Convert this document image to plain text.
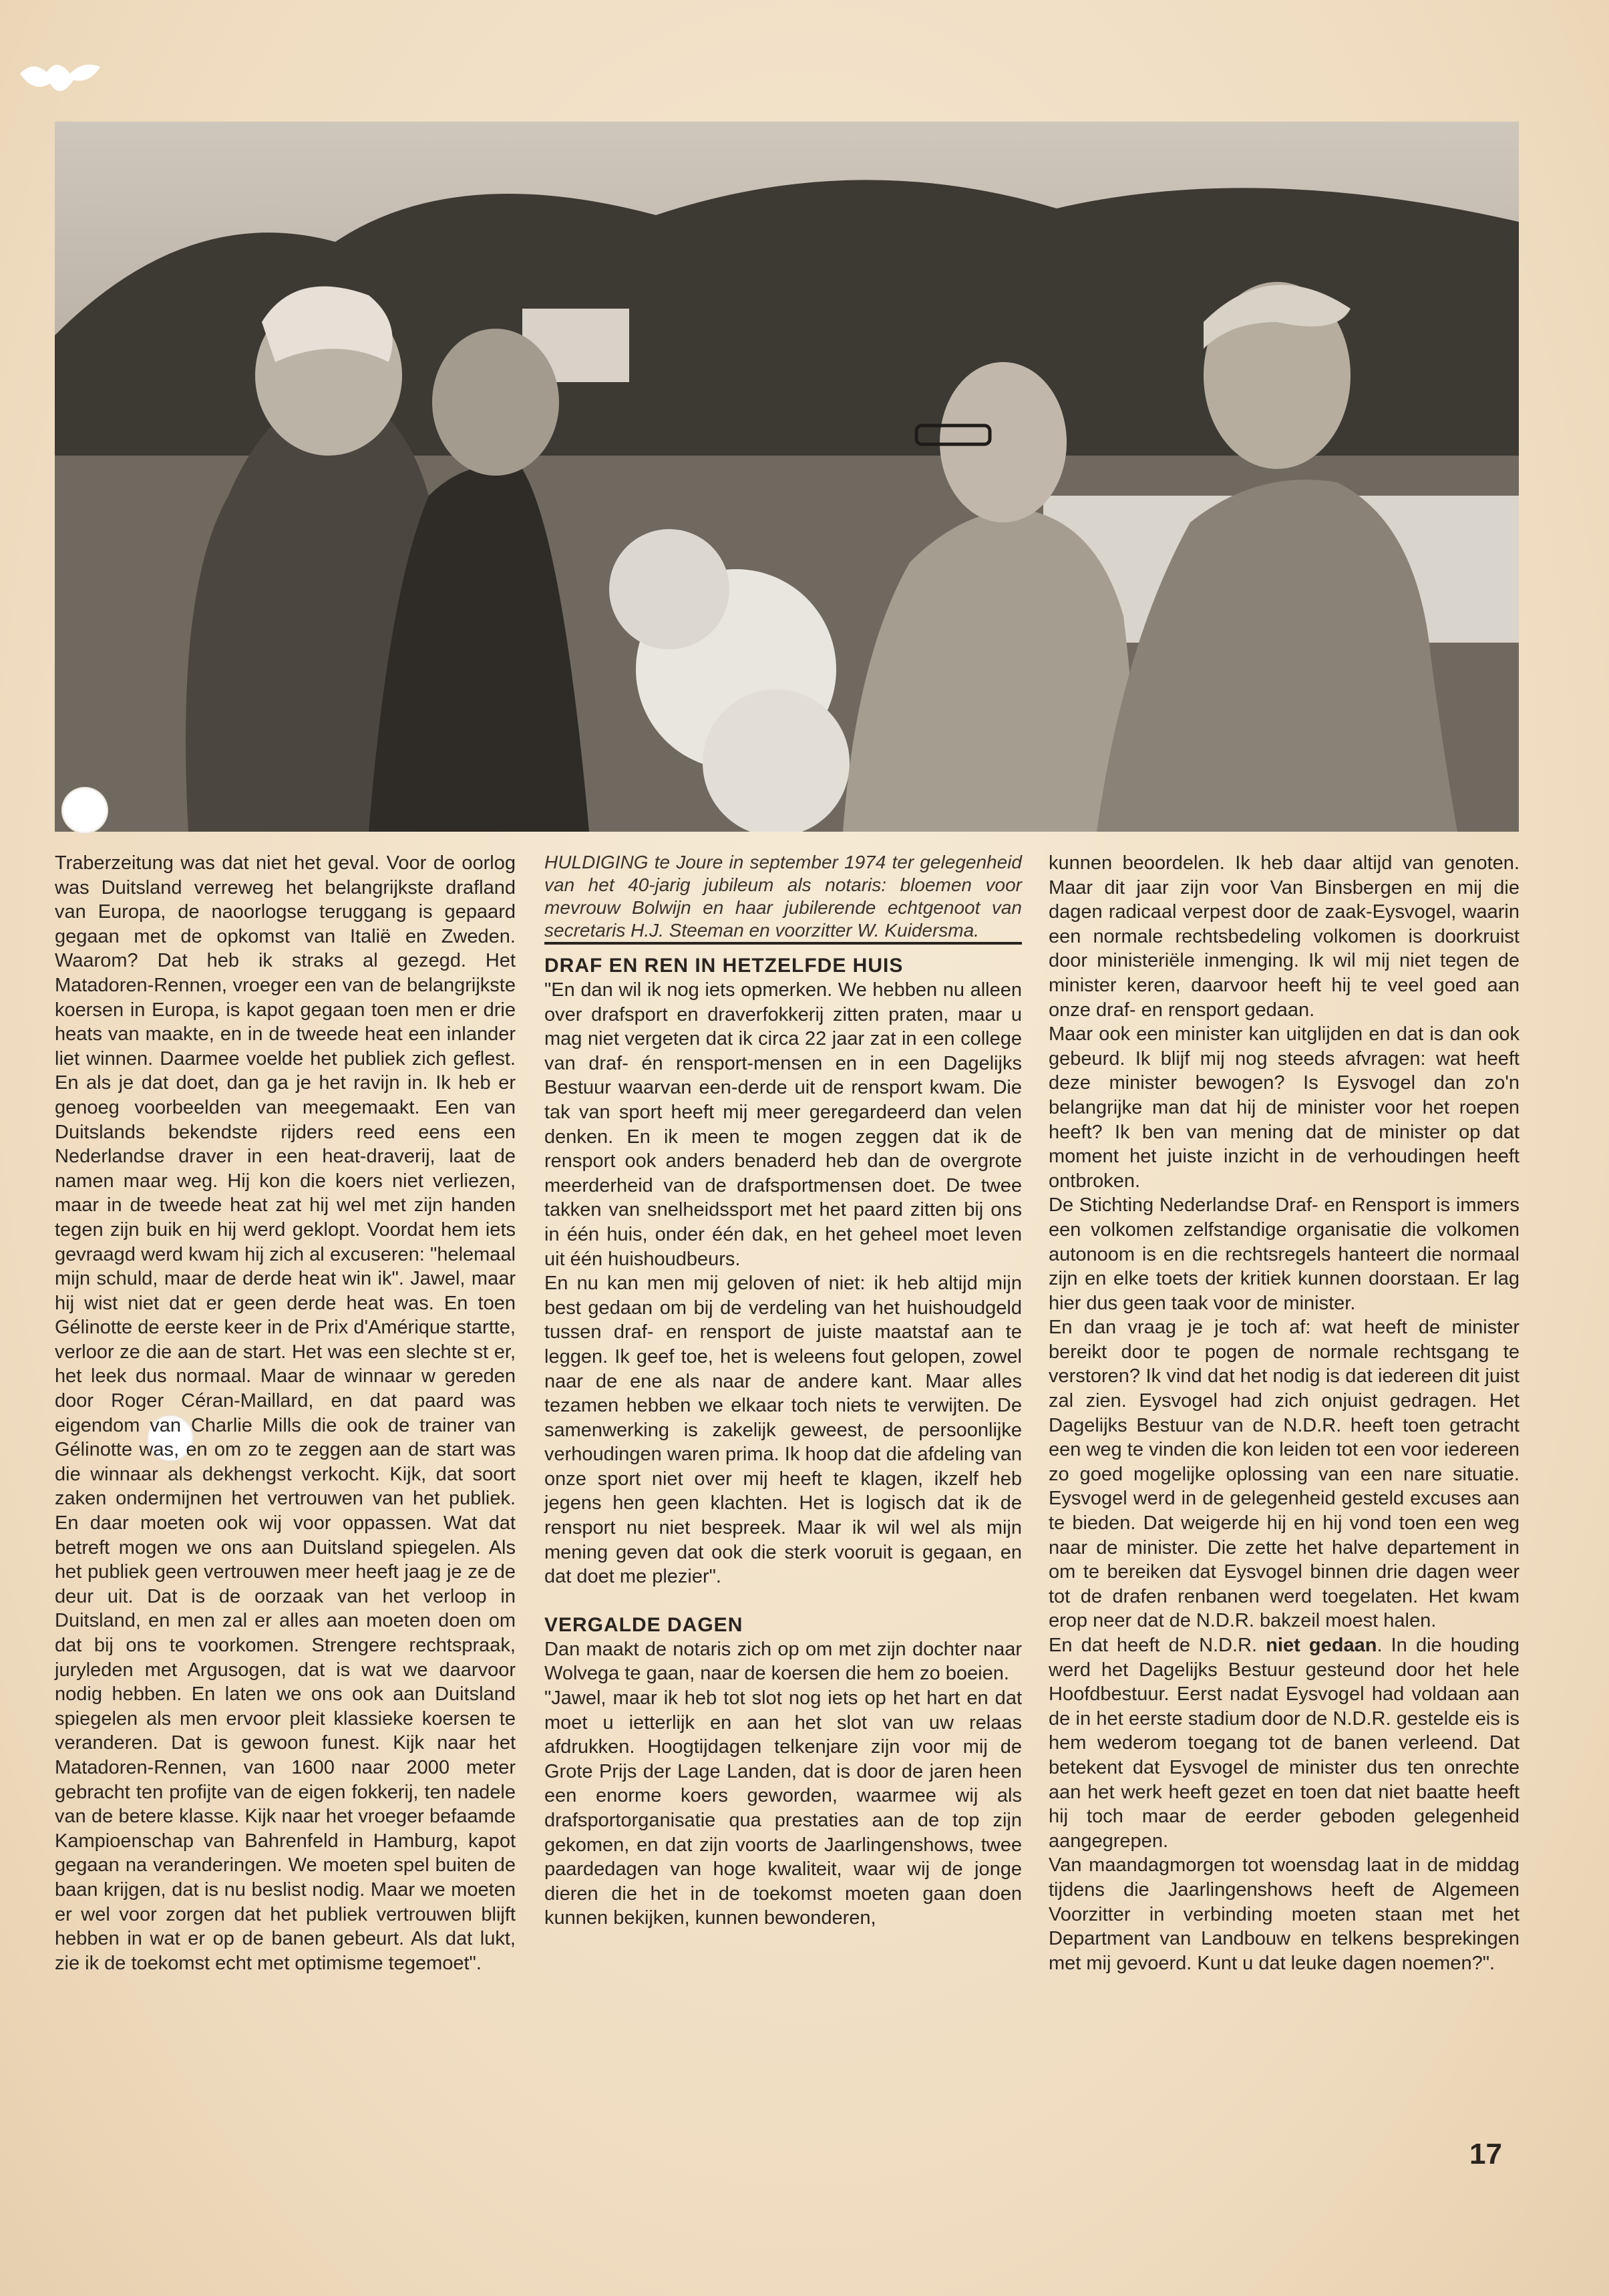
Traberzeitung was dat niet het geval. Voor de oorlog was Duitsland verreweg het belangrijkste drafland van Europa, de naoorlogse teruggang is gepaard gegaan met de opkomst van Italië en Zweden. Waarom? Dat heb ik straks al gezegd. Het Matadoren-Rennen, vroeger een van de belangrijkste koersen in Europa, is kapot gegaan toen men er drie heats van maakte, en in de tweede heat een inlander liet winnen. Daarmee voelde het publiek zich geflest. En als je dat doet, dan ga je het ravijn in. Ik heb er genoeg voorbeelden van meegemaakt. Een van Duitslands bekendste rijders reed eens een Nederlandse draver in een heat-draverij, laat de namen maar weg. Hij kon die koers niet verliezen, maar in de tweede heat zat hij wel met zijn handen tegen zijn buik en hij werd geklopt. Voordat hem iets gevraagd werd kwam hij zich al excuseren: "helemaal mijn schuld, maar de derde heat win ik". Jawel, maar hij wist niet dat er geen derde heat was. En toen Gélinotte de eerste keer in de Prix d'Amérique startte, verloor ze die aan de start. Het was een slechte st er, het leek dus normaal. Maar de winnaar w gereden door Roger Céran-Maillard, en dat paard was eigendom van Charlie Mills die ook de trainer van Gélinotte was, en om zo te zeggen aan de start was die winnaar als dekhengst verkocht. Kijk, dat soort zaken ondermijnen het vertrouwen van het publiek. En daar moeten ook wij voor oppassen. Wat dat betreft mogen we ons aan Duitsland spiegelen. Als het publiek geen vertrouwen meer heeft jaag je ze de deur uit. Dat is de oorzaak van het verloop in Duitsland, en men zal er alles aan moeten doen om dat bij ons te voorkomen. Strengere rechtspraak, juryleden met Argusogen, dat is wat we daarvoor nodig hebben. En laten we ons ook aan Duitsland spiegelen als men ervoor pleit klassieke koersen te veranderen. Dat is gewoon funest. Kijk naar het Matadoren-Rennen, van 1600 naar 2000 meter gebracht ten profijte van de eigen fokkerij, ten nadele van de betere klasse. Kijk naar het vroeger befaamde Kampioenschap van Bahrenfeld in Hamburg, kapot gegaan na veranderingen. We moeten spel buiten de baan krijgen, dat is nu beslist nodig. Maar we moeten er wel voor zorgen dat het publiek vertrouwen blijft hebben in wat er op de banen gebeurt. Als dat lukt, zie ik de toekomst echt met optimisme tegemoet".

HULDIGING te Joure in september 1974 ter gelegenheid van het 40-jarig jubileum als notaris: bloemen voor mevrouw Bolwijn en haar jubilerende echtgenoot van secretaris H.J. Steeman en voorzitter W. Kuidersma.

DRAF EN REN IN HETZELFDE HUIS

"En dan wil ik nog iets opmerken. We hebben nu alleen over drafsport en draverfokkerij zitten praten, maar u mag niet vergeten dat ik circa 22 jaar zat in een college van draf- én rensport-mensen en in een Dagelijks Bestuur waarvan een-derde uit de rensport kwam. Die tak van sport heeft mij meer geregardeerd dan velen denken. En ik meen te mogen zeggen dat ik de rensport ook anders benaderd heb dan de overgrote meerderheid van de drafsportmensen doet. De twee takken van snelheidssport met het paard zitten bij ons in één huis, onder één dak, en het geheel moet leven uit één huishoudbeurs.

En nu kan men mij geloven of niet: ik heb altijd mijn best gedaan om bij de verdeling van het huishoudgeld tussen draf- en rensport de juiste maatstaf aan te leggen. Ik geef toe, het is weleens fout gelopen, zowel naar de ene als naar de andere kant. Maar alles tezamen hebben we elkaar toch niets te verwijten. De samenwerking is zakelijk geweest, de persoonlijke verhoudingen waren prima. Ik hoop dat die afdeling van onze sport niet over mij heeft te klagen, ikzelf heb jegens hen geen klachten. Het is logisch dat ik de rensport nu niet bespreek. Maar ik wil wel als mijn mening geven dat ook die sterk vooruit is gegaan, en dat doet me plezier".

VERGALDE DAGEN

Dan maakt de notaris zich op om met zijn dochter naar Wolvega te gaan, naar de koersen die hem zo boeien.

"Jawel, maar ik heb tot slot nog iets op het hart en dat moet u ietterlijk en aan het slot van uw relaas afdrukken. Hoogtijdagen telkenjare zijn voor mij de Grote Prijs der Lage Landen, dat is door de jaren heen een enorme koers geworden, waarmee wij als drafsportorganisatie qua prestaties aan de top zijn gekomen, en dat zijn voorts de Jaarlingenshows, twee paardedagen van hoge kwaliteit, waar wij de jonge dieren die het in de toekomst moeten gaan doen kunnen bekijken, kunnen bewonderen,

kunnen beoordelen. Ik heb daar altijd van genoten. Maar dit jaar zijn voor Van Binsbergen en mij die dagen radicaal verpest door de zaak-Eysvogel, waarin een normale rechtsbedeling volkomen is doorkruist door ministeriële inmenging. Ik wil mij niet tegen de minister keren, daarvoor heeft hij te veel goed aan onze draf- en rensport gedaan.

Maar ook een minister kan uitglijden en dat is dan ook gebeurd. Ik blijf mij nog steeds afvragen: wat heeft deze minister bewogen? Is Eysvogel dan zo'n belangrijke man dat hij de minister voor het roepen heeft? Ik ben van mening dat de minister op dat moment het juiste inzicht in de verhoudingen heeft ontbroken.

De Stichting Nederlandse Draf- en Rensport is immers een volkomen zelfstandige organisatie die volkomen autonoom is en die rechtsregels hanteert die normaal zijn en elke toets der kritiek kunnen doorstaan. Er lag hier dus geen taak voor de minister.

En dan vraag je je toch af: wat heeft de minister bereikt door te pogen de normale rechtsgang te verstoren? Ik vind dat het nodig is dat iedereen dit juist zal zien. Eysvogel had zich onjuist gedragen. Het Dagelijks Bestuur van de N.D.R. heeft toen getracht een weg te vinden die kon leiden tot een voor iedereen zo goed mogelijke oplossing van een nare situatie. Eysvogel werd in de gelegenheid gesteld excuses aan te bieden. Dat weigerde hij en hij vond toen een weg naar de minister. Die zette het halve departement in om te bereiken dat Eysvogel binnen drie dagen weer tot de drafen renbanen werd toegelaten. Het kwam erop neer dat de N.D.R. bakzeil moest halen.

En dat heeft de N.D.R. niet gedaan. In die houding werd het Dagelijks Bestuur gesteund door het hele Hoofdbestuur. Eerst nadat Eysvogel had voldaan aan de in het eerste stadium door de N.D.R. gestelde eis is hem wederom toegang tot de banen verleend. Dat betekent dat Eysvogel de minister dus ten onrechte aan het werk heeft gezet en toen dat niet baatte heeft hij toch maar de eerder geboden gelegenheid aangegrepen.

Van maandagmorgen tot woensdag laat in de middag tijdens die Jaarlingenshows heeft de Algemeen Voorzitter in verbinding moeten staan met het Department van Landbouw en telkens besprekingen met mij gevoerd. Kunt u dat leuke dagen noemen?".

17
